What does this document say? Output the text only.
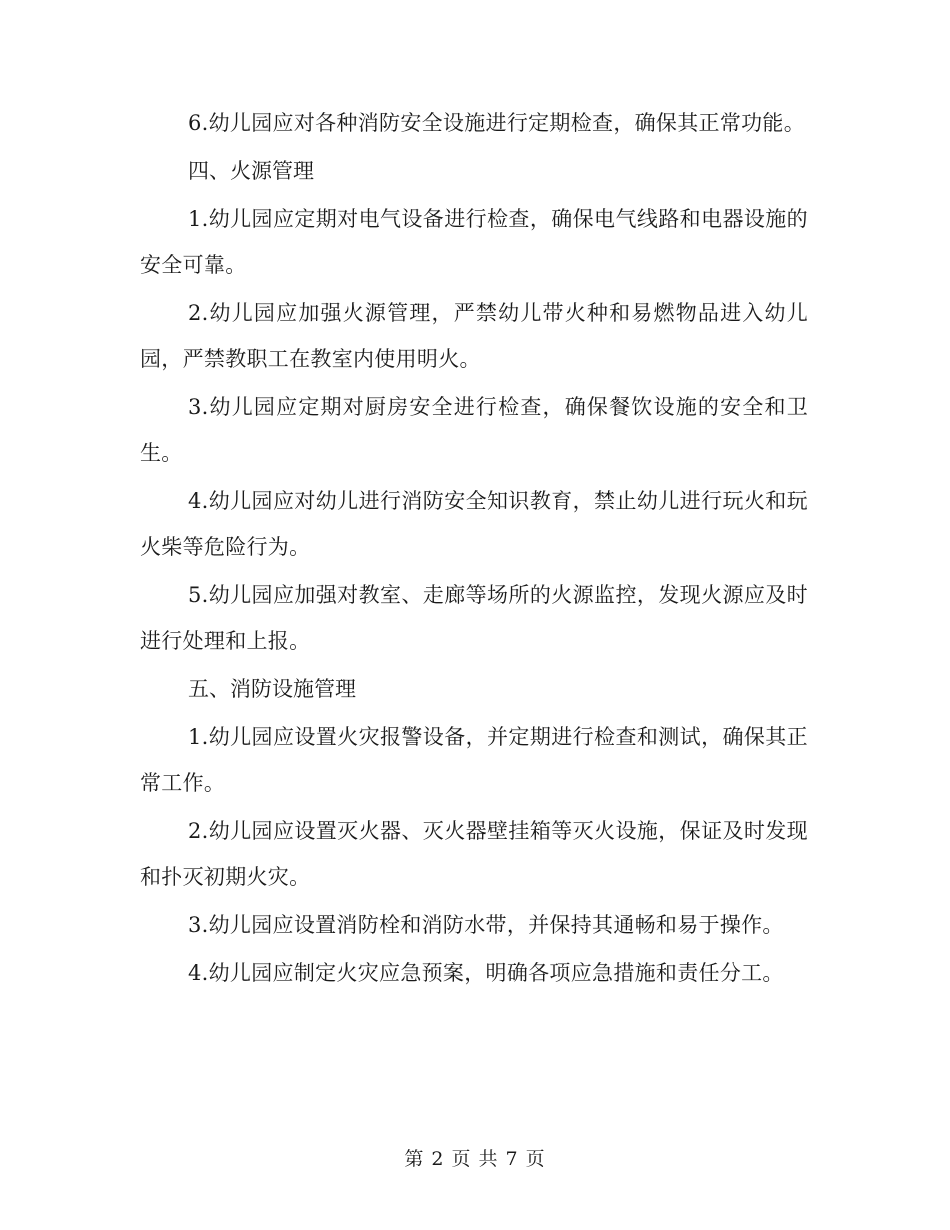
6.幼儿园应对各种消防安全设施进行定期检查，确保其正常功能。

四、火源管理

1.幼儿园应定期对电气设备进行检查，确保电气线路和电器设施的安全可靠。

2.幼儿园应加强火源管理，严禁幼儿带火种和易燃物品进入幼儿园，严禁教职工在教室内使用明火。

3.幼儿园应定期对厨房安全进行检查，确保餐饮设施的安全和卫生。

4.幼儿园应对幼儿进行消防安全知识教育，禁止幼儿进行玩火和玩火柴等危险行为。

5.幼儿园应加强对教室、走廊等场所的火源监控，发现火源应及时进行处理和上报。

五、消防设施管理

1.幼儿园应设置火灾报警设备，并定期进行检查和测试，确保其正常工作。

2.幼儿园应设置灭火器、灭火器壁挂箱等灭火设施，保证及时发现和扑灭初期火灾。

3.幼儿园应设置消防栓和消防水带，并保持其通畅和易于操作。

4.幼儿园应制定火灾应急预案，明确各项应急措施和责任分工。

第 2 页 共 7 页
